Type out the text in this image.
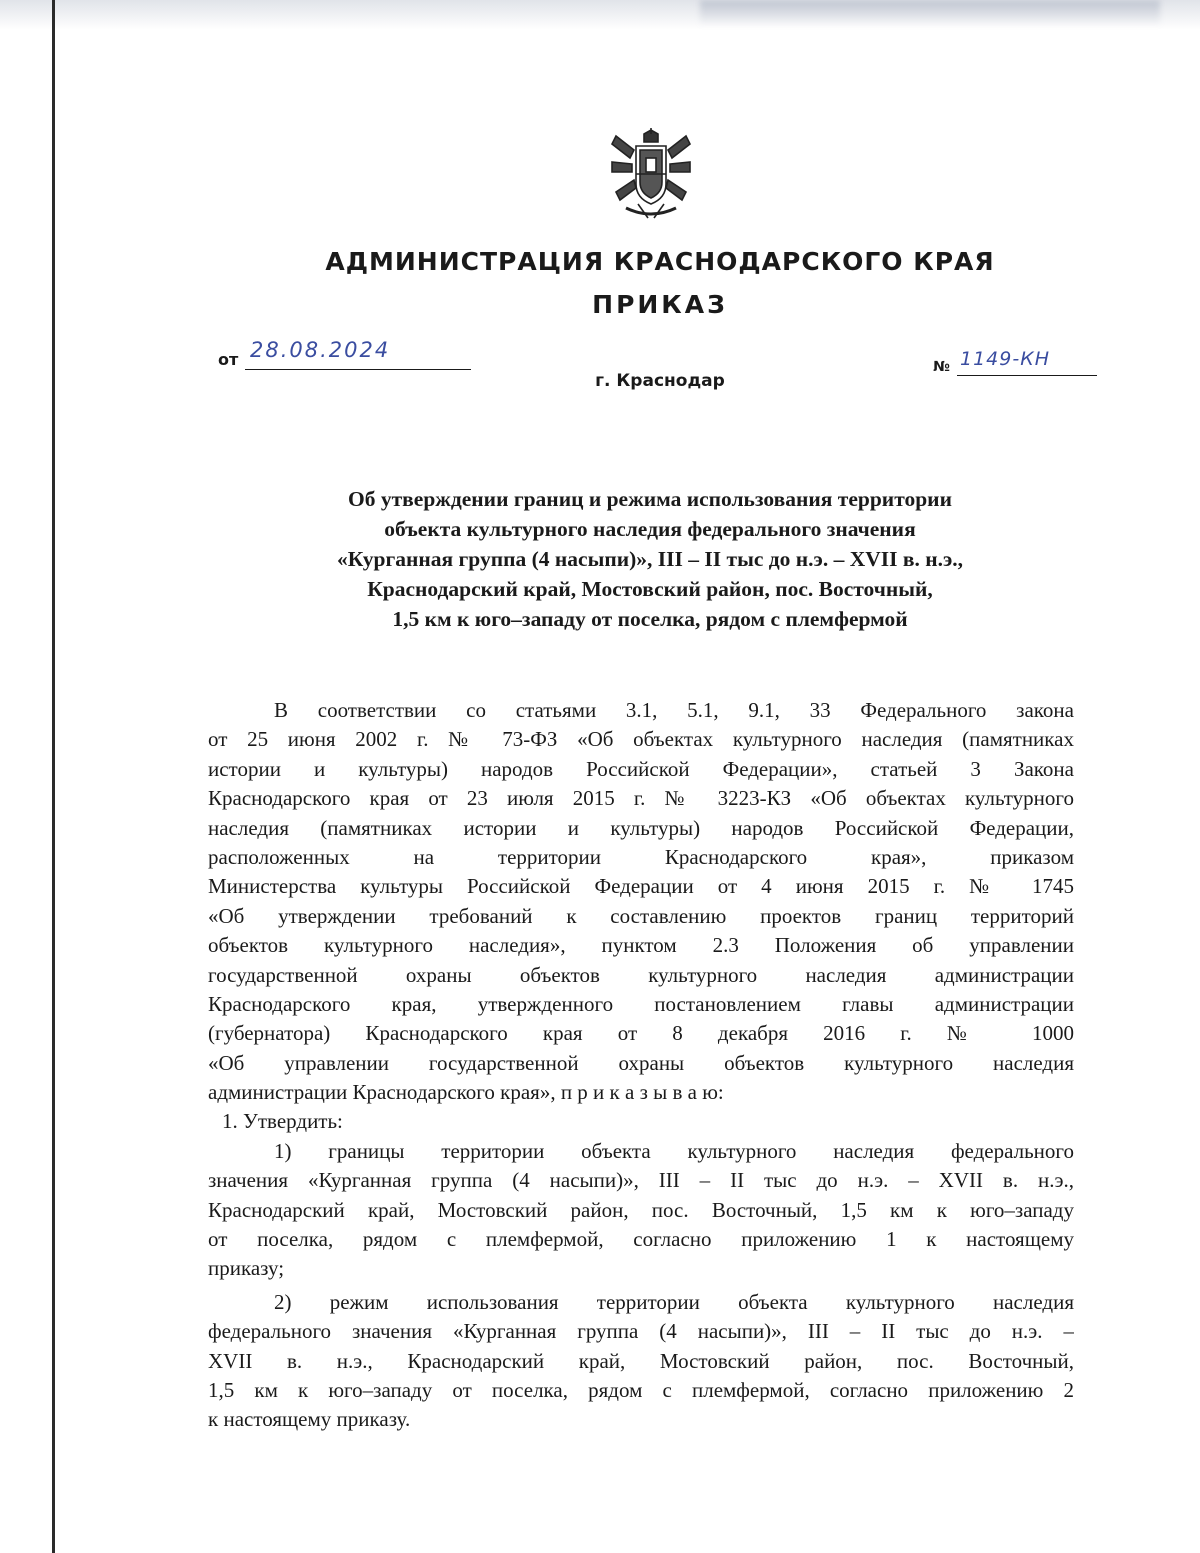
АДМИНИСТРАЦИЯ КРАСНОДАРСКОГО КРАЯ
ПРИКАЗ
от 28.08.2024
г. Краснодар
№ 1149-КН
Об утверждении границ и режима использования территории
объекта культурного наследия федерального значения
«Курганная группа (4 насыпи)», III – II тыс до н.э. – XVII в. н.э.,
Краснодарский край, Мостовский район, пос. Восточный,
1,5 км к юго–западу от поселка, рядом с племфермой
В соответствии со статьями 3.1, 5.1, 9.1, 33 Федерального закона
от 25 июня 2002 г. № 73-ФЗ «Об объектах культурного наследия (памятниках
истории и культуры) народов Российской Федерации», статьей 3 Закона
Краснодарского края от 23 июля 2015 г. № 3223-КЗ «Об объектах культурного
наследия (памятниках истории и культуры) народов Российской Федерации,
расположенных на территории Краснодарского края», приказом
Министерства культуры Российской Федерации от 4 июня 2015 г. № 1745
«Об утверждении требований к составлению проектов границ территорий
объектов культурного наследия», пунктом 2.3 Положения об управлении
государственной охраны объектов культурного наследия администрации
Краснодарского края, утвержденного постановлением главы администрации
(губернатора) Краснодарского края от 8 декабря 2016 г. № 1000
«Об управлении государственной охраны объектов культурного наследия
администрации Краснодарского края», п р и к а з ы в а ю:
1. Утвердить:
1) границы территории объекта культурного наследия федерального
значения «Курганная группа (4 насыпи)», III – II тыс до н.э. – XVII в. н.э.,
Краснодарский край, Мостовский район, пос. Восточный, 1,5 км к юго–западу
от поселка, рядом с племфермой, согласно приложению 1 к настоящему
приказу;
2) режим использования территории объекта культурного наследия
федерального значения «Курганная группа (4 насыпи)», III – II тыс до н.э. –
XVII в. н.э., Краснодарский край, Мостовский район, пос. Восточный,
1,5 км к юго–западу от поселка, рядом с племфермой, согласно приложению 2
к настоящему приказу.
